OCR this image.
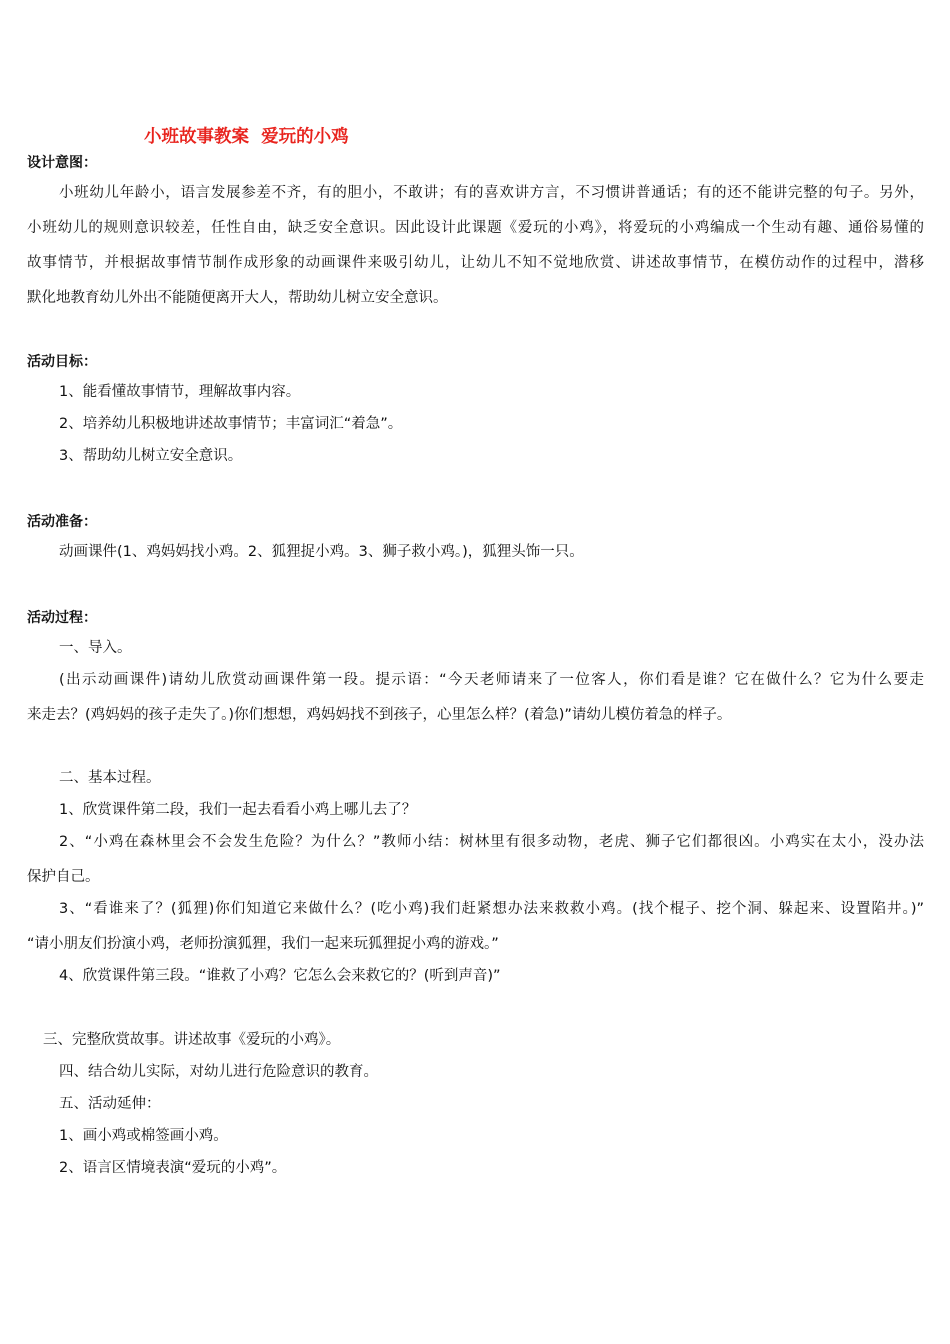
小班故事教案  爱玩的小鸡
设计意图：
小班幼儿年龄小，语言发展参差不齐，有的胆小，不敢讲；有的喜欢讲方言，不习惯讲普通话；有的还不能讲完整的句子。另外，
小班幼儿的规则意识较差，任性自由，缺乏安全意识。因此设计此课题《爱玩的小鸡》，将爱玩的小鸡编成一个生动有趣、通俗易懂的
故事情节，并根据故事情节制作成形象的动画课件来吸引幼儿，让幼儿不知不觉地欣赏、讲述故事情节，在模仿动作的过程中，潜移
默化地教育幼儿外出不能随便离开大人，帮助幼儿树立安全意识。
活动目标：
1、能看懂故事情节，理解故事内容。
2、培养幼儿积极地讲述故事情节；丰富词汇“着急”。
3、帮助幼儿树立安全意识。
活动准备：
动画课件(1、鸡妈妈找小鸡。2、狐狸捉小鸡。3、狮子救小鸡。)，狐狸头饰一只。
活动过程：
一、导入。
(出示动画课件)请幼儿欣赏动画课件第一段。提示语：“今天老师请来了一位客人，你们看是谁？它在做什么？它为什么要走
来走去？(鸡妈妈的孩子走失了。)你们想想，鸡妈妈找不到孩子，心里怎么样？(着急)”请幼儿模仿着急的样子。
二、基本过程。
1、欣赏课件第二段，我们一起去看看小鸡上哪儿去了？
2、“小鸡在森林里会不会发生危险？为什么？”教师小结：树林里有很多动物，老虎、狮子它们都很凶。小鸡实在太小，没办法
保护自己。
3、“看谁来了？(狐狸)你们知道它来做什么？(吃小鸡)我们赶紧想办法来救救小鸡。(找个棍子、挖个洞、躲起来、设置陷井。)”
“请小朋友们扮演小鸡，老师扮演狐狸，我们一起来玩狐狸捉小鸡的游戏。”
4、欣赏课件第三段。“谁救了小鸡？它怎么会来救它的？(听到声音)”
三、完整欣赏故事。讲述故事《爱玩的小鸡》。
四、结合幼儿实际，对幼儿进行危险意识的教育。
五、活动延伸：
1、画小鸡或棉签画小鸡。
2、语言区情境表演“爱玩的小鸡”。
